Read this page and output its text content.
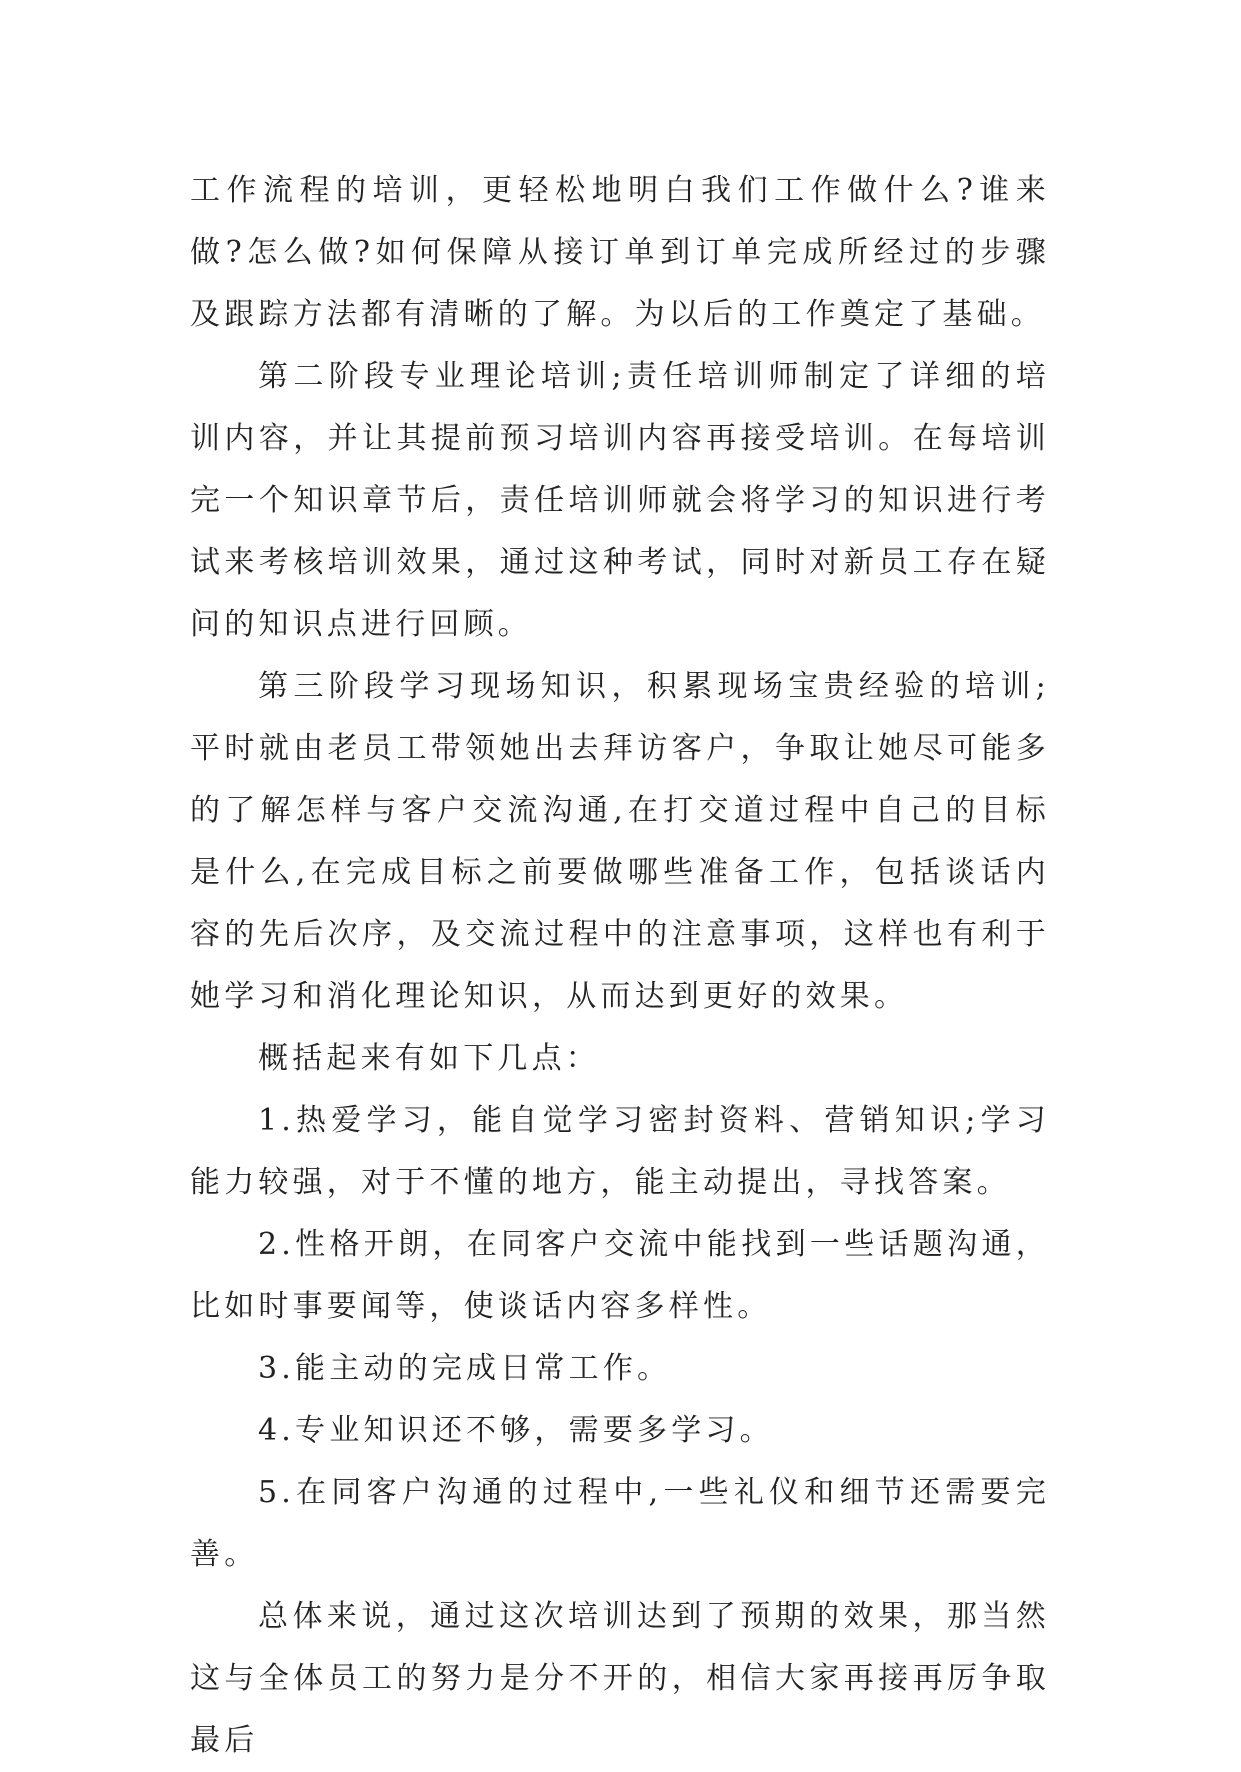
工作流程的培训，更轻松地明白我们工作做什么?谁来做?怎么做?如何保障从接订单到订单完成所经过的步骤及跟踪方法都有清晰的了解。为以后的工作奠定了基础。

第二阶段专业理论培训;责任培训师制定了详细的培训内容，并让其提前预习培训内容再接受培训。在每培训完一个知识章节后，责任培训师就会将学习的知识进行考试来考核培训效果，通过这种考试，同时对新员工存在疑问的知识点进行回顾。

第三阶段学习现场知识，积累现场宝贵经验的培训;平时就由老员工带领她出去拜访客户，争取让她尽可能多的了解怎样与客户交流沟通,在打交道过程中自己的目标是什么,在完成目标之前要做哪些准备工作，包括谈话内容的先后次序，及交流过程中的注意事项，这样也有利于她学习和消化理论知识，从而达到更好的效果。

概括起来有如下几点：

1.热爱学习，能自觉学习密封资料、营销知识;学习能力较强，对于不懂的地方，能主动提出，寻找答案。

2.性格开朗，在同客户交流中能找到一些话题沟通，比如时事要闻等，使谈话内容多样性。

3.能主动的完成日常工作。

4.专业知识还不够，需要多学习。

5.在同客户沟通的过程中,一些礼仪和细节还需要完善。

总体来说，通过这次培训达到了预期的效果，那当然这与全体员工的努力是分不开的，相信大家再接再厉争取最后
